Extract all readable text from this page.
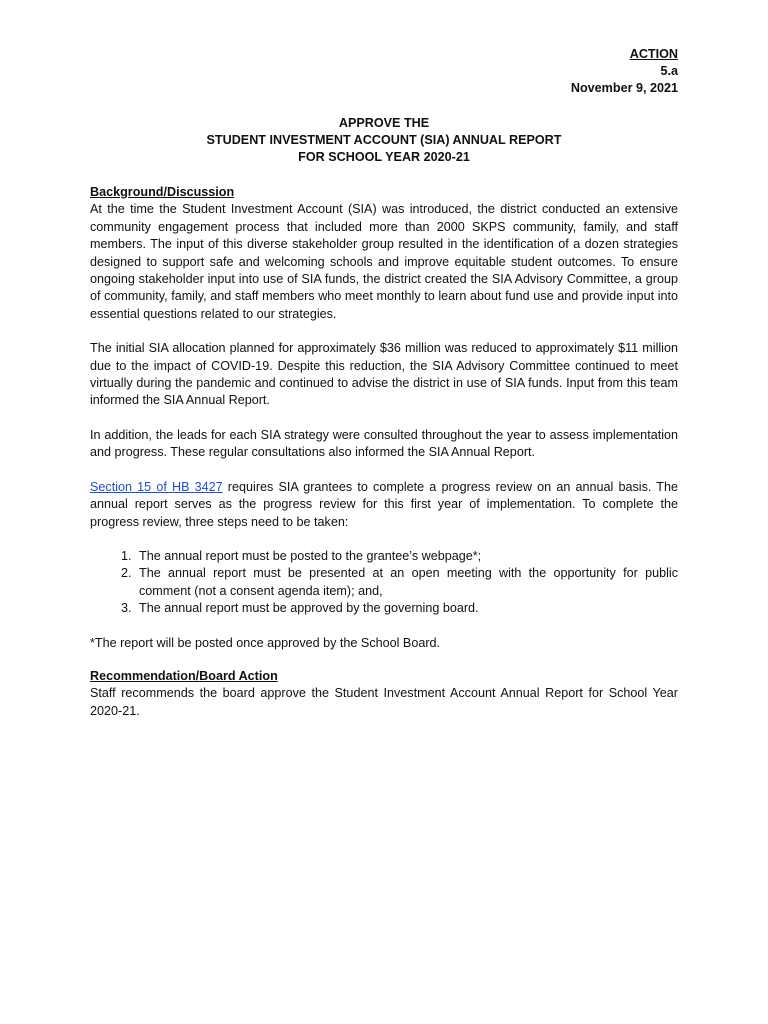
ACTION
5.a
November 9, 2021
APPROVE THE
STUDENT INVESTMENT ACCOUNT (SIA) ANNUAL REPORT
FOR SCHOOL YEAR 2020-21
Background/Discussion

At the time the Student Investment Account (SIA) was introduced, the district conducted an extensive community engagement process that included more than 2000 SKPS community, family, and staff members. The input of this diverse stakeholder group resulted in the identification of a dozen strategies designed to support safe and welcoming schools and improve equitable student outcomes. To ensure ongoing stakeholder input into use of SIA funds, the district created the SIA Advisory Committee, a group of community, family, and staff members who meet monthly to learn about fund use and provide input into essential questions related to our strategies.

The initial SIA allocation planned for approximately $36 million was reduced to approximately $11 million due to the impact of COVID-19. Despite this reduction, the SIA Advisory Committee continued to meet virtually during the pandemic and continued to advise the district in use of SIA funds. Input from this team informed the SIA Annual Report.

In addition, the leads for each SIA strategy were consulted throughout the year to assess implementation and progress. These regular consultations also informed the SIA Annual Report.

Section 15 of HB 3427 requires SIA grantees to complete a progress review on an annual basis. The annual report serves as the progress review for this first year of implementation. To complete the progress review, three steps need to be taken:

1. The annual report must be posted to the grantee’s webpage*;
2. The annual report must be presented at an open meeting with the opportunity for public comment (not a consent agenda item); and,
3. The annual report must be approved by the governing board.

*The report will be posted once approved by the School Board.

Recommendation/Board Action

Staff recommends the board approve the Student Investment Account Annual Report for School Year 2020-21.
